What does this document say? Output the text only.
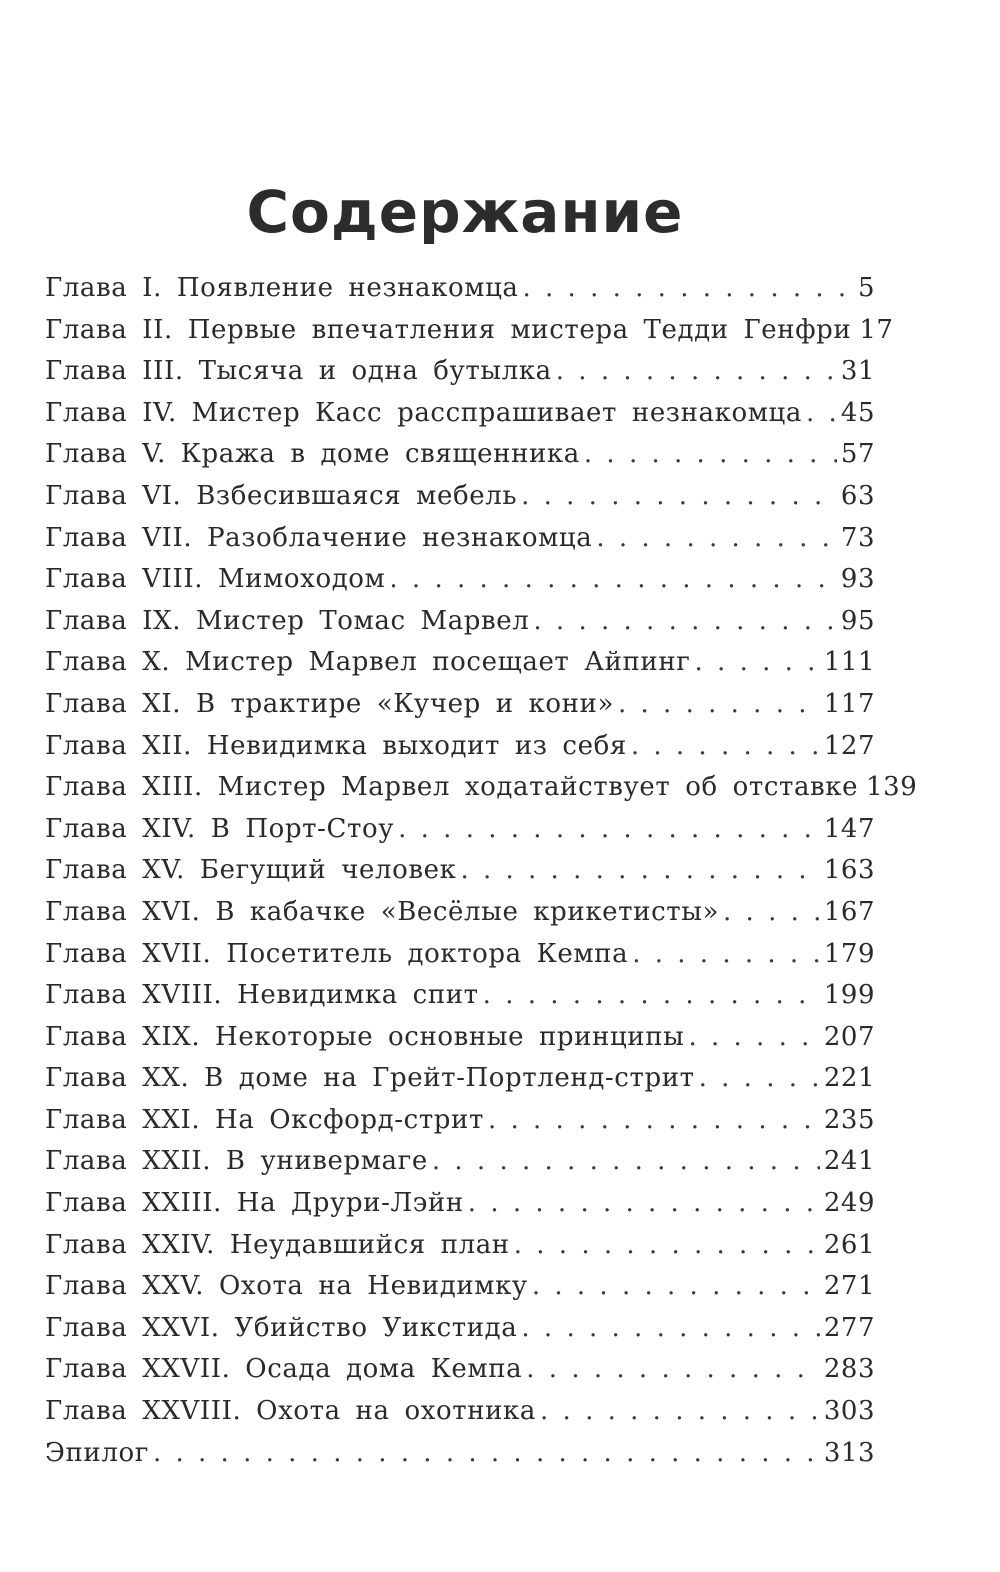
Содержание
Глава I. Появление незнакомца . . .	5
Глава II. Первые впечатления мистера Тедди Генфри 17
Глава III. Тысяча и одна бутылка . . .	31
Глава IV. Мистер Касс расспрашивает незнакомца . . . 45
Глава V. Кража в доме священника . . .	57
Глава VI. Взбесившаяся мебель . . .	63
Глава VII. Разоблачение незнакомца . . .	73
Глава VIII. Мимоходом . . .	93
Глава IX. Мистер Томас Марвел . . .	95
Глава X. Мистер Марвел посещает Айпинг . . .	111
Глава XI. В трактире «Кучер и кони» . . .	117
Глава XII. Невидимка выходит из себя . . .	127
Глава XIII. Мистер Марвел ходатайствует об отставке 139
Глава XIV. В Порт-Стоу . . .	147
Глава XV. Бегущий человек . . .	163
Глава XVI. В кабачке «Весёлые крикетисты» . . .	167
Глава XVII. Посетитель доктора Кемпа . . .	179
Глава XVIII. Невидимка спит . . .	199
Глава XIX. Некоторые основные принципы . . .	207
Глава XX. В доме на Грейт-Портленд-стрит . . .	221
Глава XXI. На Оксфорд-стрит . . .	235
Глава XXII. В универмаге . . .	241
Глава XXIII. На Друри-Лэйн . . .	249
Глава XXIV. Неудавшийся план . . .	261
Глава XXV. Охота на Невидимку . . .	271
Глава XXVI. Убийство Уикстида . . .	277
Глава XXVII. Осада дома Кемпа . . .	283
Глава XXVIII. Охота на охотника . . .	303
Эпилог . . .	313
